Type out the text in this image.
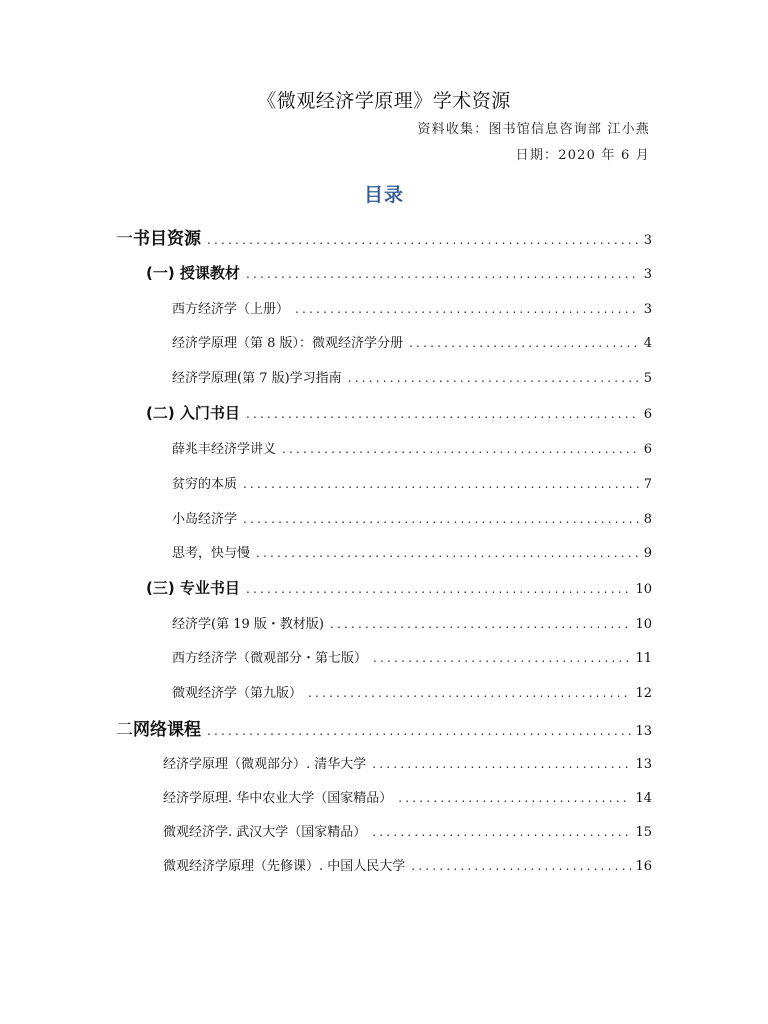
《微观经济学原理》学术资源
资料收集：图书馆信息咨询部 江小燕
日期：2020 年 6 月
目录
一 书目资源 .....	3
(一) 授课教材 .....	3
西方经济学（上册） .....	3
经济学原理（第 8 版）：微观经济学分册 .....	4
经济学原理(第 7 版)学习指南 .....	5
(二) 入门书目 .....	6
薛兆丰经济学讲义 .....	6
贫穷的本质 .....	7
小岛经济学 .....	8
思考，快与慢 .....	9
(三) 专业书目 .....	10
经济学(第 19 版・教材版) .....	10
西方经济学（微观部分・第七版） .....	11
微观经济学（第九版） .....	12
二 网络课程 .....	13
经济学原理（微观部分）. 清华大学 .....	13
经济学原理. 华中农业大学（国家精品） .....	14
微观经济学. 武汉大学（国家精品） .....	15
微观经济学原理（先修课）. 中国人民大学 .....	16
